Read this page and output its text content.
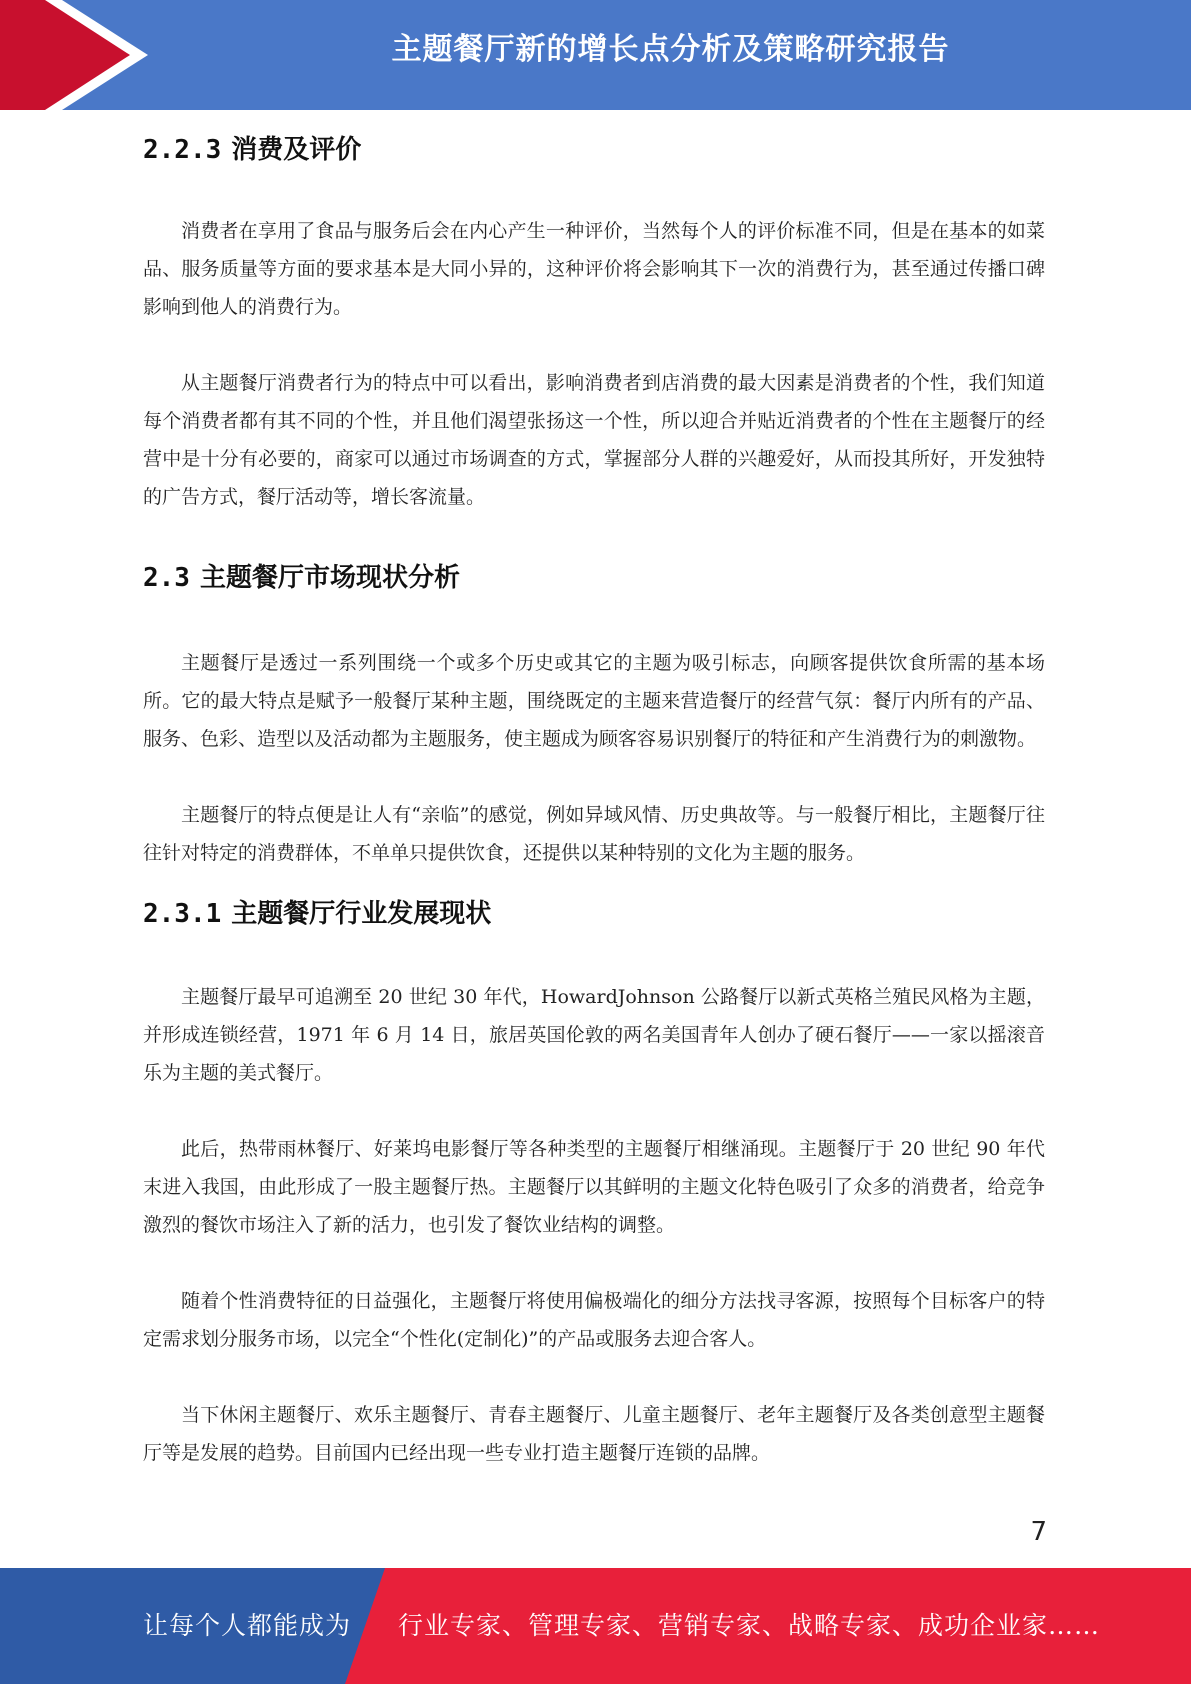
主题餐厅新的增长点分析及策略研究报告
2.2.3 消费及评价

消费者在享用了食品与服务后会在内心产生一种评价，当然每个人的评价标准不同，但是在基本的如菜品、服务质量等方面的要求基本是大同小异的，这种评价将会影响其下一次的消费行为，甚至通过传播口碑影响到他人的消费行为。

从主题餐厅消费者行为的特点中可以看出，影响消费者到店消费的最大因素是消费者的个性，我们知道每个消费者都有其不同的个性，并且他们渴望张扬这一个性，所以迎合并贴近消费者的个性在主题餐厅的经营中是十分有必要的，商家可以通过市场调查的方式，掌握部分人群的兴趣爱好，从而投其所好，开发独特的广告方式，餐厅活动等，增长客流量。

2.3 主题餐厅市场现状分析

主题餐厅是透过一系列围绕一个或多个历史或其它的主题为吸引标志，向顾客提供饮食所需的基本场所。它的最大特点是赋予一般餐厅某种主题，围绕既定的主题来营造餐厅的经营气氛：餐厅内所有的产品、服务、色彩、造型以及活动都为主题服务，使主题成为顾客容易识别餐厅的特征和产生消费行为的刺激物。

主题餐厅的特点便是让人有“亲临”的感觉，例如异域风情、历史典故等。与一般餐厅相比，主题餐厅往往针对特定的消费群体，不单单只提供饮食，还提供以某种特别的文化为主题的服务。

2.3.1 主题餐厅行业发展现状

主题餐厅最早可追溯至 20 世纪 30 年代，HowardJohnson 公路餐厅以新式英格兰殖民风格为主题，并形成连锁经营，1971 年 6 月 14 日，旅居英国伦敦的两名美国青年人创办了硬石餐厅——一家以摇滚音乐为主题的美式餐厅。

此后，热带雨林餐厅、好莱坞电影餐厅等各种类型的主题餐厅相继涌现。主题餐厅于 20 世纪 90 年代末进入我国，由此形成了一股主题餐厅热。主题餐厅以其鲜明的主题文化特色吸引了众多的消费者，给竞争激烈的餐饮市场注入了新的活力，也引发了餐饮业结构的调整。

随着个性消费特征的日益强化，主题餐厅将使用偏极端化的细分方法找寻客源，按照每个目标客户的特定需求划分服务市场，以完全“个性化(定制化)”的产品或服务去迎合客人。

当下休闲主题餐厅、欢乐主题餐厅、青春主题餐厅、儿童主题餐厅、老年主题餐厅及各类创意型主题餐厅等是发展的趋势。目前国内已经出现一些专业打造主题餐厅连锁的品牌。

7
让每个人都能成为 行业专家、管理专家、营销专家、战略专家、成功企业家……
